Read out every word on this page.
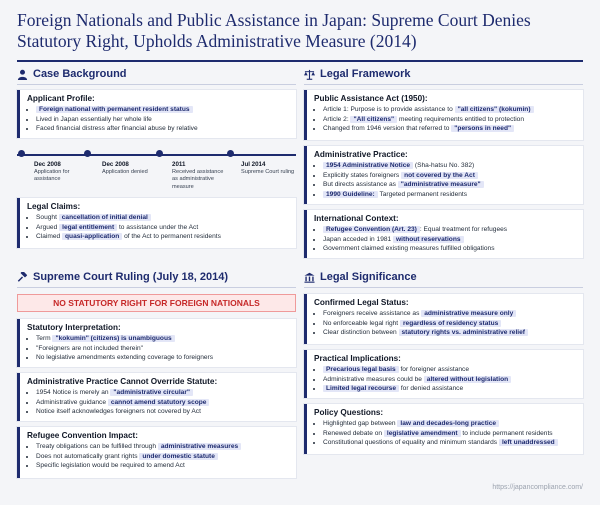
Foreign Nationals and Public Assistance in Japan: Supreme Court Denies Statutory Right, Upholds Administrative Measure (2014)
Case Background
Applicant Profile:
• Foreign national with permanent resident status
• Lived in Japan essentially her whole life
• Faced financial distress after financial abuse by relative
Dec 2008
Application for assistance
Dec 2008
Application denied
2011
Received assistance as administrative measure
Jul 2014
Supreme Court ruling
Legal Claims:
• Sought cancellation of initial denial
• Argued legal entitlement to assistance under the Act
• Claimed quasi-application of the Act to permanent residents
Legal Framework
Public Assistance Act (1950):
• Article 1: Purpose is to provide assistance to "all citizens" (kokumin)
• Article 2: "All citizens" meeting requirements entitled to protection
• Changed from 1946 version that referred to "persons in need"
Administrative Practice:
• 1954 Administrative Notice (Sha-hatsu No. 382)
• Explicitly states foreigners not covered by the Act
• But directs assistance as "administrative measure"
• 1990 Guideline: Targeted permanent residents
International Context:
• Refugee Convention (Art. 23) : Equal treatment for refugees
• Japan acceded in 1981 without reservations
• Government claimed existing measures fulfilled obligations
Supreme Court Ruling (July 18, 2014)
NO STATUTORY RIGHT FOR FOREIGN NATIONALS
Statutory Interpretation:
• Term "kokumin" (citizens) is unambiguous
• "Foreigners are not included therein"
• No legislative amendments extending coverage to foreigners
Administrative Practice Cannot Override Statute:
• 1954 Notice is merely an "administrative circular"
• Administrative guidance cannot amend statutory scope
• Notice itself acknowledges foreigners not covered by Act
Refugee Convention Impact:
• Treaty obligations can be fulfilled through administrative measures
• Does not automatically grant rights under domestic statute
• Specific legislation would be required to amend Act
Legal Significance
Confirmed Legal Status:
• Foreigners receive assistance as administrative measure only
• No enforceable legal right regardless of residency status
• Clear distinction between statutory rights vs. administrative relief
Practical Implications:
• Precarious legal basis for foreigner assistance
• Administrative measures could be altered without legislation
• Limited legal recourse for denied assistance
Policy Questions:
• Highlighted gap between law and decades-long practice
• Renewed debate on legislative amendment to include permanent residents
• Constitutional questions of equality and minimum standards left unaddressed
https://japancompliance.com/
